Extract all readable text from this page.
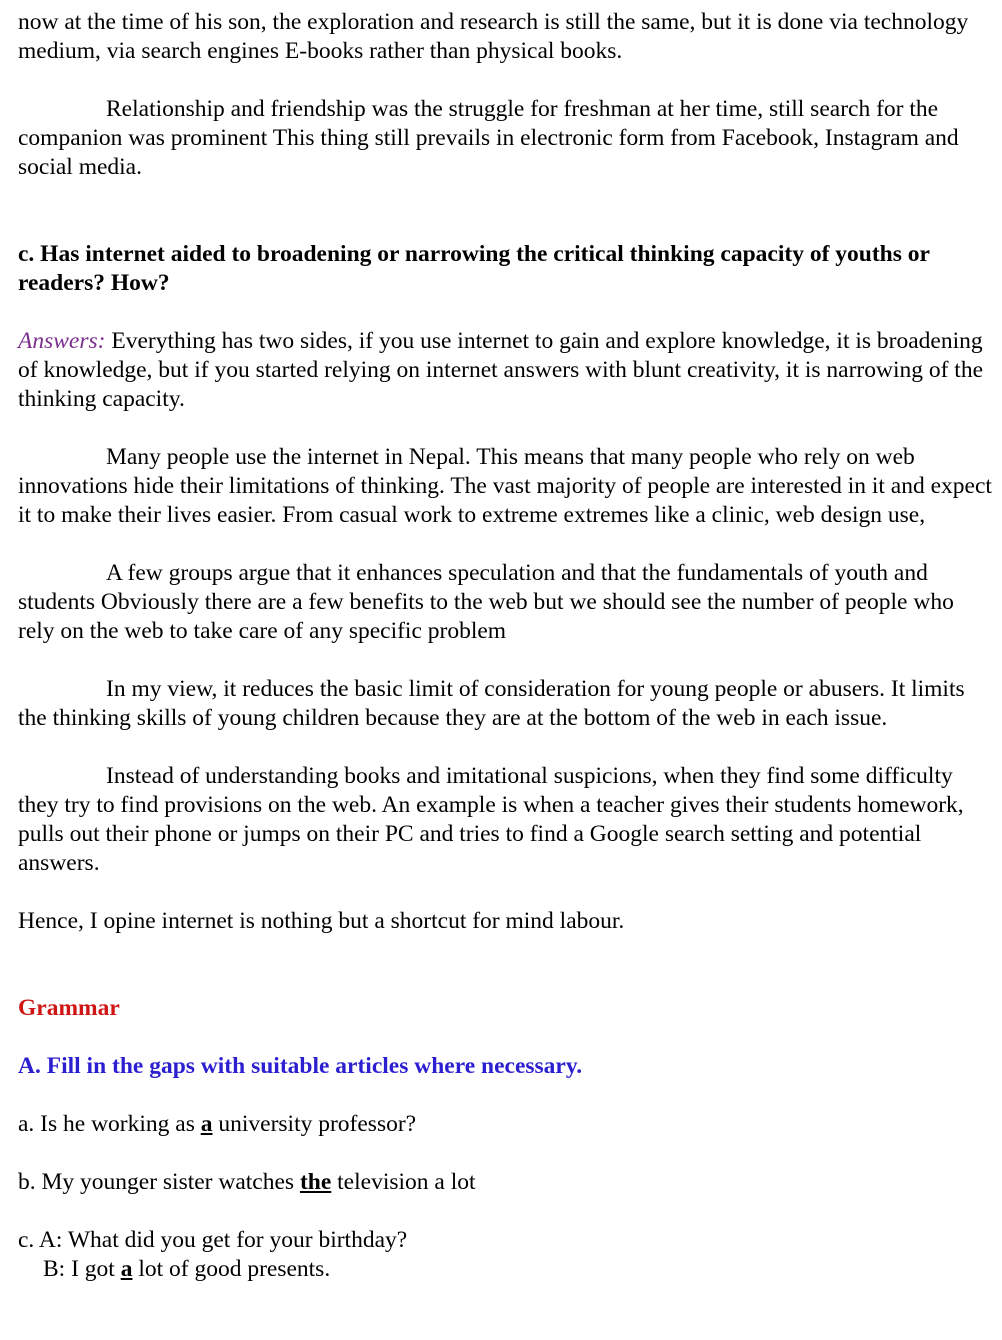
now at the time of his son, the exploration and research is still the same, but it is done via technology medium, via search engines E-books rather than physical books.

Relationship and friendship was the struggle for freshman at her time, still search for the companion was prominent This thing still prevails in electronic form from Facebook, Instagram and social media.

c. Has internet aided to broadening or narrowing the critical thinking capacity of youths or readers? How?

Answers: Everything has two sides, if you use internet to gain and explore knowledge, it is broadening of knowledge, but if you started relying on internet answers with blunt creativity, it is narrowing of the thinking capacity.

Many people use the internet in Nepal. This means that many people who rely on web innovations hide their limitations of thinking. The vast majority of people are interested in it and expect it to make their lives easier. From casual work to extreme extremes like a clinic, web design use,

A few groups argue that it enhances speculation and that the fundamentals of youth and students Obviously there are a few benefits to the web but we should see the number of people who rely on the web to take care of any specific problem

In my view, it reduces the basic limit of consideration for young people or abusers. It limits the thinking skills of young children because they are at the bottom of the web in each issue.

Instead of understanding books and imitational suspicions, when they find some difficulty they try to find provisions on the web. An example is when a teacher gives their students homework, pulls out their phone or jumps on their PC and tries to find a Google search setting and potential answers.

Hence, I opine internet is nothing but a shortcut for mind labour.

Grammar

A. Fill in the gaps with suitable articles where necessary.

a. Is he working as a university professor?

b. My younger sister watches the television a lot

c. A: What did you get for your birthday?

B: I got a lot of good presents.
